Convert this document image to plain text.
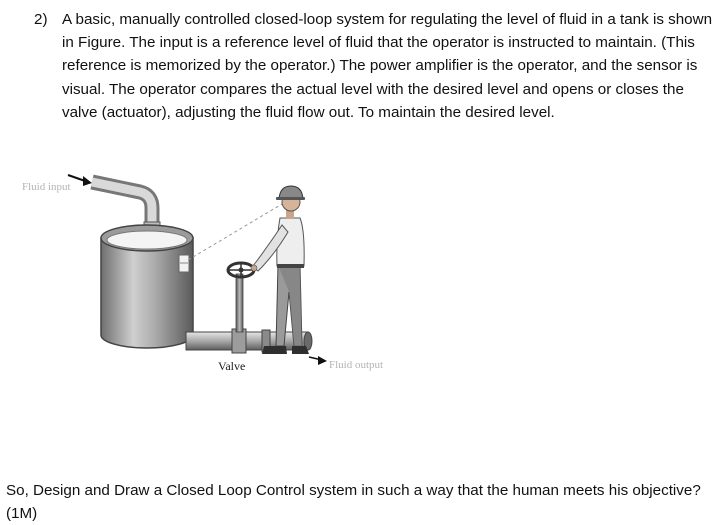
2) A basic, manually controlled closed-loop system for regulating the level of fluid in a tank is shown in Figure. The input is a reference level of fluid that the operator is instructed to maintain. (This reference is memorized by the operator.) The power amplifier is the operator, and the sensor is visual. The operator compares the actual level with the desired level and opens or closes the valve (actuator), adjusting the fluid flow out. To maintain the desired level.
Fluid input
Valve	Fluid output
So, Design and Draw a Closed Loop Control system in such a way that the human meets his objective? (1M)
